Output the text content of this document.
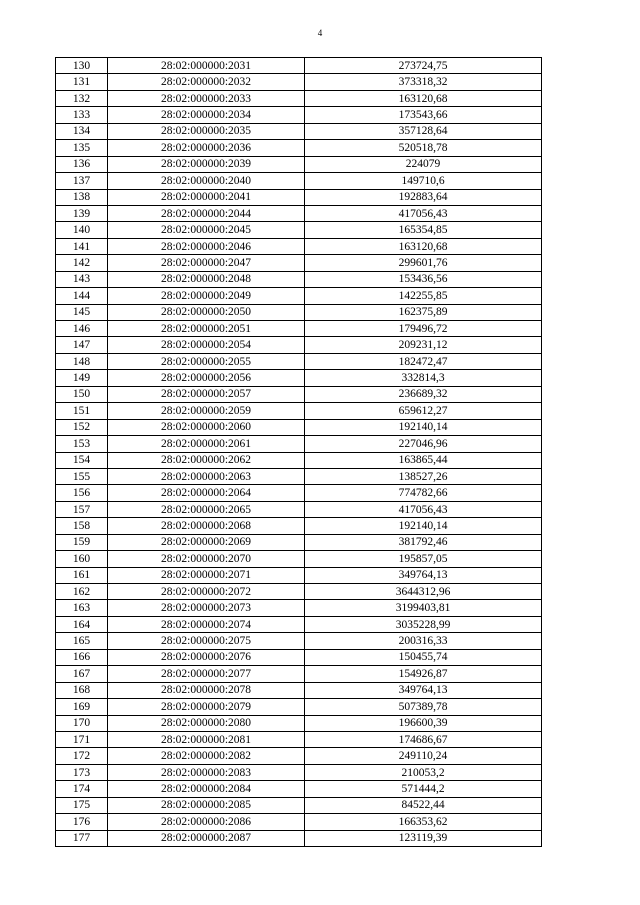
4
130	28:02:000000:2031	273724,75
131	28:02:000000:2032	373318,32
132	28:02:000000:2033	163120,68
133	28:02:000000:2034	173543,66
134	28:02:000000:2035	357128,64
135	28:02:000000:2036	520518,78
136	28:02:000000:2039	224079
137	28:02:000000:2040	149710,6
138	28:02:000000:2041	192883,64
139	28:02:000000:2044	417056,43
140	28:02:000000:2045	165354,85
141	28:02:000000:2046	163120,68
142	28:02:000000:2047	299601,76
143	28:02:000000:2048	153436,56
144	28:02:000000:2049	142255,85
145	28:02:000000:2050	162375,89
146	28:02:000000:2051	179496,72
147	28:02:000000:2054	209231,12
148	28:02:000000:2055	182472,47
149	28:02:000000:2056	332814,3
150	28:02:000000:2057	236689,32
151	28:02:000000:2059	659612,27
152	28:02:000000:2060	192140,14
153	28:02:000000:2061	227046,96
154	28:02:000000:2062	163865,44
155	28:02:000000:2063	138527,26
156	28:02:000000:2064	774782,66
157	28:02:000000:2065	417056,43
158	28:02:000000:2068	192140,14
159	28:02:000000:2069	381792,46
160	28:02:000000:2070	195857,05
161	28:02:000000:2071	349764,13
162	28:02:000000:2072	3644312,96
163	28:02:000000:2073	3199403,81
164	28:02:000000:2074	3035228,99
165	28:02:000000:2075	200316,33
166	28:02:000000:2076	150455,74
167	28:02:000000:2077	154926,87
168	28:02:000000:2078	349764,13
169	28:02:000000:2079	507389,78
170	28:02:000000:2080	196600,39
171	28:02:000000:2081	174686,67
172	28:02:000000:2082	249110,24
173	28:02:000000:2083	210053,2
174	28:02:000000:2084	571444,2
175	28:02:000000:2085	84522,44
176	28:02:000000:2086	166353,62
177	28:02:000000:2087	123119,39
